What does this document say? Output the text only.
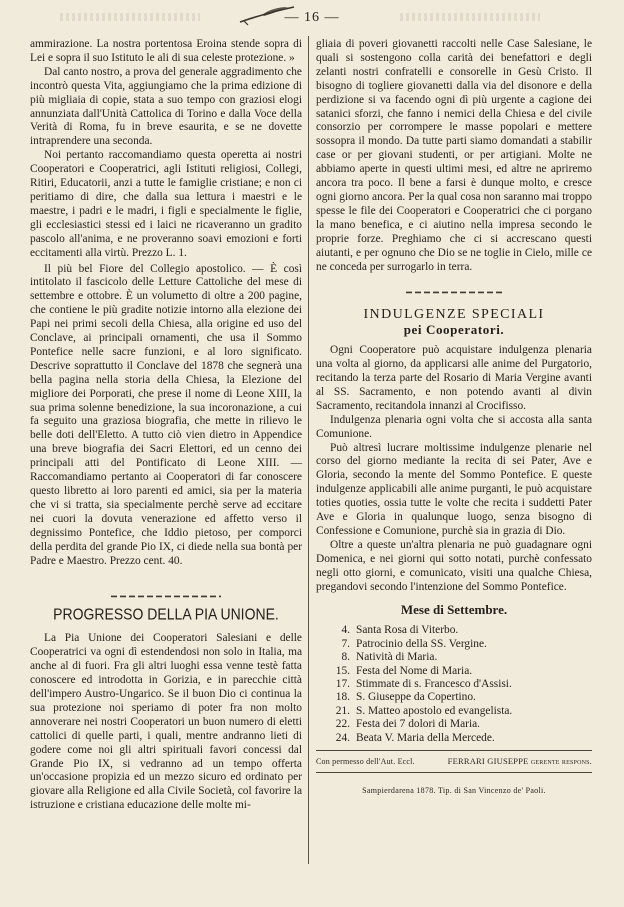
— 16 —

ammirazione. La nostra portentosa Eroina stende sopra di Lei e sopra il suo Istituto le ali di sua celeste protezione. »

Dal canto nostro, a prova del generale aggradimento che incontrò questa Vita, aggiungiamo che la prima edizione di più migliaia di copie, stata a suo tempo con graziosi elogi annunziata dall'Unità Cattolica di Torino e dalla Voce della Verità di Roma, fu in breve esaurita, e se ne dovette intraprendere una seconda.

Noi pertanto raccomandiamo questa operetta ai nostri Cooperatori e Cooperatrici, agli Istituti religiosi, Collegi, Ritiri, Educatorii, anzi a tutte le famiglie cristiane; e non ci peritiamo di dire, che dalla sua lettura i maestri e le maestre, i padri e le madri, i figli e specialmente le figlie, gli ecclesiastici stessi ed i laici ne ricaveranno un gradito pascolo all'anima, e ne proveranno soavi emozioni e forti eccitamenti alla virtù. Prezzo L. 1.

Il più bel Fiore del Collegio apostolico. — È così intitolato il fascicolo delle Letture Cattoliche del mese di settembre e ottobre. È un volumetto di oltre a 200 pagine, che contiene le più gradite notizie intorno alla elezione dei Papi nei primi secoli della Chiesa, alla origine ed uso del Conclave, ai principali ornamenti, che usa il Sommo Pontefice nelle sacre funzioni, e al loro significato. Descrive soprattutto il Conclave del 1878 che segnerà una bella pagina nella storia della Chiesa, la Elezione del migliore dei Porporati, che prese il nome di Leone XIII, la sua prima solenne benedizione, la sua incoronazione, a cui fa seguito una graziosa biografia, che mette in rilievo le belle doti dell'Eletto. A tutto ciò vien dietro in Appendice una breve biografia dei Sacri Elettori, ed un cenno dei principali atti del Pontificato di Leone XIII. — Raccomandiamo pertanto ai Cooperatori di far conoscere questo libretto ai loro parenti ed amici, sia per la materia che vi si tratta, sia specialmente perchè serve ad eccitare nei cuori la dovuta venerazione ed affetto verso il degnissimo Pontefice, che Iddio pietoso, per comporci della perdita del grande Pio IX, ci diede nella sua bontà per Padre e Maestro. Prezzo cent. 40.

PROGRESSO DELLA PIA UNIONE.

La Pia Unione dei Cooperatori Salesiani e delle Cooperatrici va ogni dì estendendosi non solo in Italia, ma anche al di fuori. Fra gli altri luoghi essa venne testè fatta conoscere ed introdotta in Gorizia, e in parecchie città dell'impero Austro-Ungarico. Se il buon Dio ci continua la sua protezione noi speriamo di poter fra non molto annoverare nei nostri Cooperatori un buon numero di eletti cattolici di quelle parti, i quali, mentre andranno lieti di godere come noi gli altri spirituali favori concessi dal Grande Pio IX, si vedranno ad un tempo offerta un'occasione propizia ed un mezzo sicuro ed ordinato per giovare alla Religione ed alla Civile Società, col favorire la istruzione e cristiana educazione delle molte mi-

gliaia di poveri giovanetti raccolti nelle Case Salesiane, le quali si sostengono colla carità dei benefattori e degli zelanti nostri confratelli e consorelle in Gesù Cristo. Il bisogno di togliere giovanetti dalla via del disonore e della perdizione si va facendo ogni dì più urgente a cagione dei satanici sforzi, che fanno i nemici della Chiesa e del civile consorzio per corrompere le masse popolari e mettere sossopra il mondo. Da tutte parti siamo domandati a stabilir case or per giovani studenti, or per artigiani. Molte ne abbiamo aperte in questi ultimi mesi, ed altre ne apriremo ancora tra poco. Il bene a farsi è dunque molto, e cresce ogni giorno ancora. Per la qual cosa non saranno mai troppo spesse le file dei Cooperatori e Cooperatrici che ci porgano la mano benefica, e ci aiutino nella impresa secondo le proprie forze. Preghiamo che ci si accrescano questi aiutanti, e per ognuno che Dio se ne toglie in Cielo, mille ce ne conceda per surrogarlo in terra.

INDULGENZE SPECIALI
pei Cooperatori.

Ogni Cooperatore può acquistare indulgenza plenaria una volta al giorno, da applicarsi alle anime del Purgatorio, recitando la terza parte del Rosario di Maria Vergine avanti al SS. Sacramento, e non potendo avanti al divin Sacramento, recitandola innanzi al Crocifisso.

Indulgenza plenaria ogni volta che si accosta alla santa Comunione.

Può altresì lucrare moltissime indulgenze plenarie nel corso del giorno mediante la recita di sei Pater, Ave e Gloria, secondo la mente del Sommo Pontefice. E queste indulgenze applicabili alle anime purganti, le può acquistare toties quoties, ossia tutte le volte che recita i suddetti Pater Ave e Gloria in qualunque luogo, senza bisogno di Confessione e Comunione, purchè sia in grazia di Dio.

Oltre a queste un'altra plenaria ne può guadagnare ogni Domenica, e nei giorni qui sotto notati, purchè confessato negli otto giorni, e comunicato, visiti una qualche Chiesa, pregandovi secondo l'intenzione del Sommo Pontefice.

Mese di Settembre.
4. Santa Rosa di Viterbo.
7. Patrocinio della SS. Vergine.
8. Natività di Maria.
15. Festa del Nome di Maria.
17. Stimmate di s. Francesco d'Assisi.
18. S. Giuseppe da Copertino.
21. S. Matteo apostolo ed evangelista.
22. Festa dei 7 dolori di Maria.
24. Beata V. Maria della Mercede.
Con permesso dell'Aut. Eccl.	FERRARI GIUSEPPE gerente respons.
Sampierdarena 1878. Tip. di San Vincenzo de' Paoli.
